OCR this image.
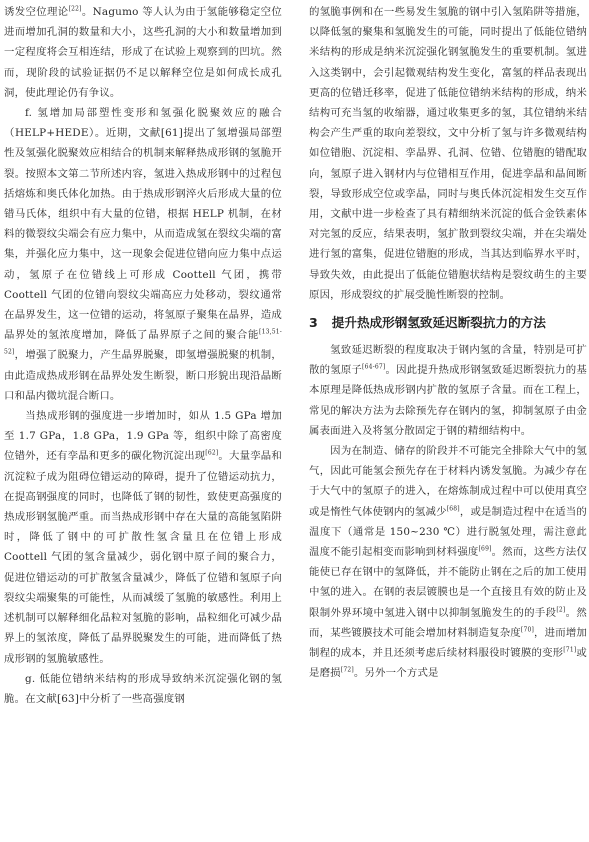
诱发空位理论[22]。Nagumo 等人认为由于氢能够稳定空位进而增加孔洞的数量和大小，这些孔洞的大小和数量增加到一定程度将会互相连结，形成了在试验上观察到的凹坑。然而，现阶段的试验证据仍不足以解释空位是如何成长成孔洞，使此理论仍有争议。

f. 氢增加局部塑性变形和氢强化脱聚效应的融合（HELP+HEDE）。近期，文献[61]提出了氢增强局部塑性及氢强化脱聚效应相结合的机制来解释热成形钢的氢脆开裂。按照本文第二节所述内容，氢进入热成形钢中的过程包括熔炼和奥氏体化加热。由于热成形钢淬火后形成大量的位错马氏体，组织中有大量的位错，根据 HELP 机制，在材料的微裂纹尖端会有应力集中，从而造成氢在裂纹尖端的富集，并强化应力集中，这一现象会促进位错向应力集中点运动，氢原子在位错线上可形成 Coottell 气团，携带 Coottell 气团的位错向裂纹尖端高应力处移动，裂纹通常在晶界发生，这一位错的运动，将氢原子聚集在晶界，造成晶界处的氢浓度增加，降低了晶界原子之间的聚合能[13,51-52]，增强了脱聚力，产生晶界脱聚，即氢增强脱聚的机制，由此造成热成形钢在晶界处发生断裂，断口形貌出现沿晶断口和晶内微坑混合断口。

当热成形钢的强度进一步增加时，如从 1.5 GPa 增加至 1.7 GPa，1.8 GPa，1.9 GPa 等，组织中除了高密度位错外，还有孪晶和更多的碳化物沉淀出现[62]。大量孪晶和沉淀粒子成为阻碍位错运动的障碍，提升了位错运动抗力，在提高钢强度的同时，也降低了钢的韧性，致使更高强度的热成形钢氢脆严重。而当热成形钢中存在大量的高能氢陷阱时，降低了钢中的可扩散性氢含量且在位错上形成 Coottell 气团的氢含量减少，弱化钢中原子间的聚合力，促进位错运动的可扩散氢含量减少，降低了位错和氢原子向裂纹尖端聚集的可能性，从而减缓了氢脆的敏感性。利用上述机制可以解释细化晶粒对氢脆的影响，晶粒细化可减少晶界上的氢浓度，降低了晶界脱聚发生的可能，进而降低了热成形钢的氢脆敏感性。

g. 低能位错纳米结构的形成导致纳米沉淀强化钢的氢脆。在文献[63]中分析了一些高强度钢

的氢脆事例和在一些易发生氢脆的钢中引入氢陷阱等措施，以降低氢的聚集和氢脆发生的可能，同时提出了低能位错纳米结构的形成是纳米沉淀强化钢氢脆发生的重要机制。氢进入这类钢中，会引起微观结构发生变化，富氢的样品表现出更高的位错迁移率，促进了低能位错纳米结构的形成，纳米结构可充当氢的收缩器，通过收集更多的氢，其位错纳米结构会产生严重的取向差裂纹，文中分析了氢与许多微观结构如位错胞、沉淀相、孪晶界、孔洞、位错、位错胞的错配取向，氢原子进入钢材内与位错相互作用，促进孪晶和晶间断裂，导致形成空位或孪晶，同时与奥氏体沉淀相发生交互作用，文献中进一步检查了具有精细纳米沉淀的低合金铁素体对完氢的反应，结果表明，氢扩散到裂纹尖端，并在尖端处进行氢的富集，促进位错胞的形成，当其达到临界水平时，导致失效，由此提出了低能位错胞状结构是裂纹萌生的主要原因，形成裂纹的扩展受脆性断裂的控制。

3 提升热成形钢氢致延迟断裂抗力的方法

氢致延迟断裂的程度取决于钢内氢的含量，特别是可扩散的氢原子[64-67]。因此提升热成形钢氢致延迟断裂抗力的基本原理是降低热成形钢内扩散的氢原子含量。而在工程上，常见的解决方法为去除预先存在钢内的氢，抑制氢原子由金属表面进入及将氢分散固定于钢的精细结构中。

因为在制造、储存的阶段并不可能完全排除大气中的氢气，因此可能氢会预先存在于材料内诱发氢脆。为减少存在于大气中的氢原子的进入，在熔炼制成过程中可以使用真空或是惰性气体使钢内的氢减少[68]，或是制造过程中在适当的温度下（通常是 150~230 ℃）进行脱氢处理，需注意此温度不能引起相变而影响到材料强度[69]。然而，这些方法仅能使已存在钢中的氢降低，并不能防止钢在之后的加工使用中氢的进入。在钢的表层镀膜也是一个直接且有效的防止及限制外界环境中氢进入钢中以抑制氢脆发生的的手段[2]。然而，某些镀膜技术可能会增加材料制造复杂度[70]，进而增加制程的成本，并且还须考虑后续材料服役时镀膜的变形[71]或是磨损[72]。另外一个方式是
